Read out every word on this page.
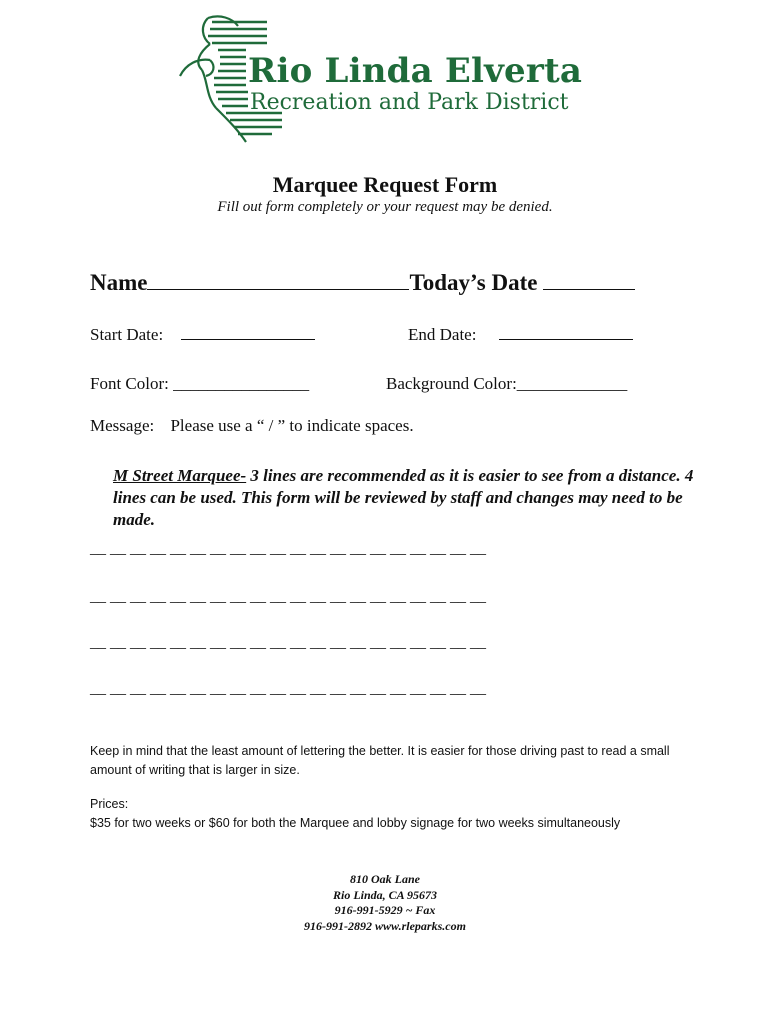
Rio Linda Elverta
Recreation and Park District
Marquee Request Form
Fill out form completely or your request may be denied.
Name	Today’s Date
Start Date:	End Date:
Font Color: ________________	Background Color:_____________
Message: Please use a “ / ” to indicate spaces.
M Street Marquee- 3 lines are recommended as it is easier to see from a distance. 4 lines can be used. This form will be reviewed by staff and changes may need to be made.
__ __ __ __ __ __ __ __ __ __ __ __ __ __ __ __ __ __ __ __
__ __ __ __ __ __ __ __ __ __ __ __ __ __ __ __ __ __ __ __
__ __ __ __ __ __ __ __ __ __ __ __ __ __ __ __ __ __ __ __
__ __ __ __ __ __ __ __ __ __ __ __ __ __ __ __ __ __ __ __
Keep in mind that the least amount of lettering the better. It is easier for those driving past to read a small amount of writing that is larger in size.
Prices:
$35 for two weeks or $60 for both the Marquee and lobby signage for two weeks simultaneously
810 Oak Lane
Rio Linda, CA 95673
916-991-5929 ~ Fax
916-991-2892 www.rleparks.com
